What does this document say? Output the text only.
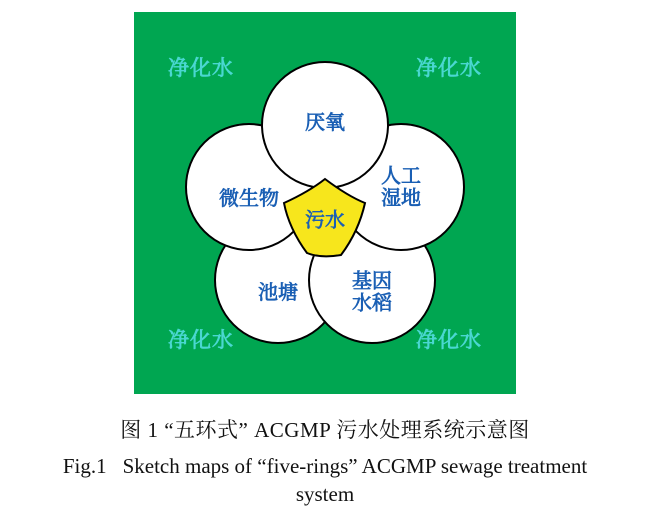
净化水	净化水
净化水	净化水
污水
厌氧
微生物
人工
湿地
池塘	基因
水稻
图 1 “五环式” ACGMP 污水处理系统示意图
Fig.1 Sketch maps of “five-rings” ACGMP sewage treatment
system
